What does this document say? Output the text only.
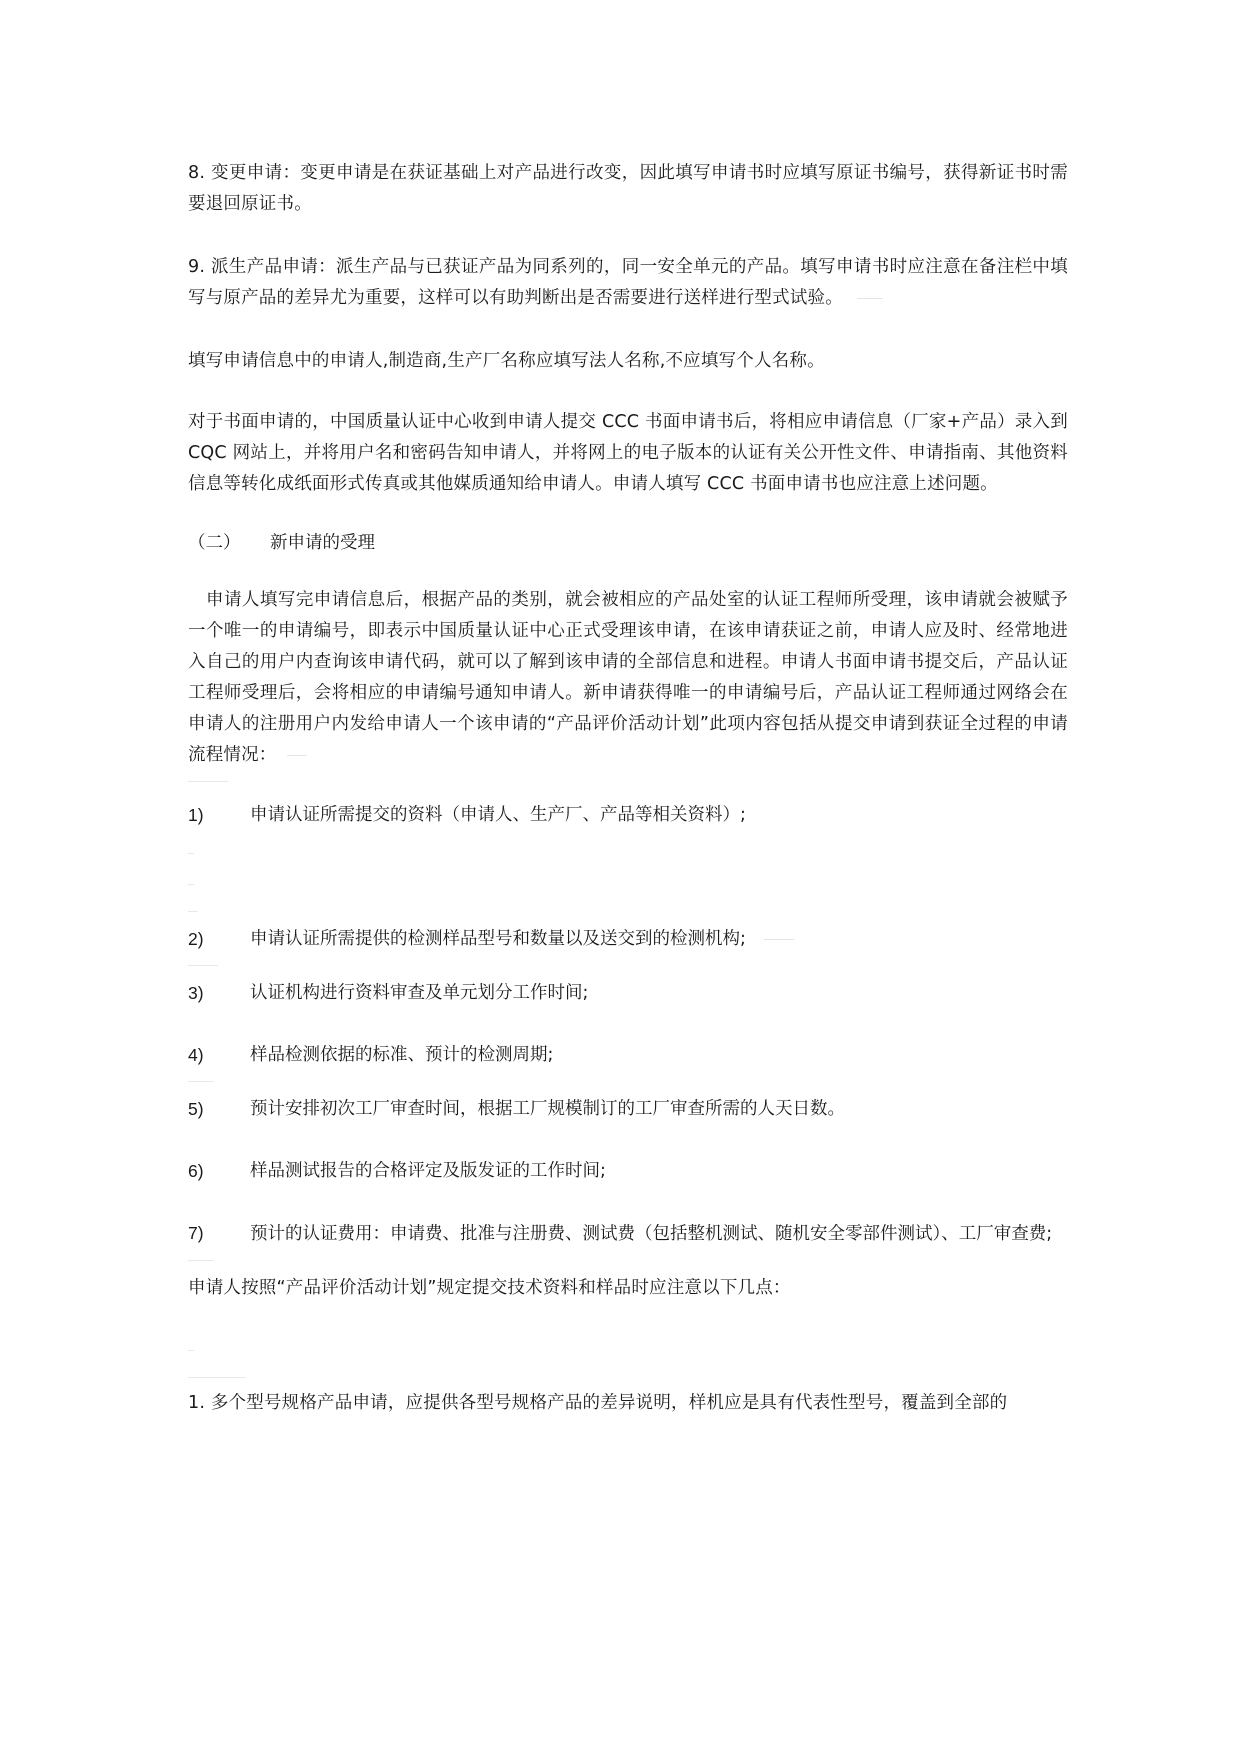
8. 变更申请：变更申请是在获证基础上对产品进行改变，因此填写申请书时应填写原证书编号，获得新证书时需要退回原证书。

9. 派生产品申请：派生产品与已获证产品为同系列的，同一安全单元的产品。填写申请书时应注意在备注栏中填写与原产品的差异尤为重要，这样可以有助判断出是否需要进行送样进行型式试验。

填写申请信息中的申请人,制造商,生产厂名称应填写法人名称,不应填写个人名称。

对于书面申请的，中国质量认证中心收到申请人提交 CCC 书面申请书后，将相应申请信息（厂家+产品）录入到 CQC 网站上，并将用户名和密码告知申请人，并将网上的电子版本的认证有关公开性文件、申请指南、其他资料信息等转化成纸面形式传真或其他媒质通知给申请人。申请人填写 CCC 书面申请书也应注意上述问题。

（二） 新申请的受理

申请人填写完申请信息后，根据产品的类别，就会被相应的产品处室的认证工程师所受理，该申请就会被赋予一个唯一的申请编号，即表示中国质量认证中心正式受理该申请，在该申请获证之前，申请人应及时、经常地进入自己的用户内查询该申请代码，就可以了解到该申请的全部信息和进程。申请人书面申请书提交后，产品认证工程师受理后，会将相应的申请编号通知申请人。新申请获得唯一的申请编号后，产品认证工程师通过网络会在申请人的注册用户内发给申请人一个该申请的“产品评价活动计划”此项内容包括从提交申请到获证全过程的申请流程情况：

1)	申请认证所需提交的资料（申请人、生产厂、产品等相关资料）;
2)	申请认证所需提供的检测样品型号和数量以及送交到的检测机构;
3)	认证机构进行资料审查及单元划分工作时间;
4)	样品检测依据的标准、预计的检测周期;
5)	预计安排初次工厂审查时间，根据工厂规模制订的工厂审查所需的人天日数。
6)	样品测试报告的合格评定及版发证的工作时间;
7)	预计的认证费用：申请费、批准与注册费、测试费（包括整机测试、随机安全零部件测试）、工厂审查费;

申请人按照“产品评价活动计划”规定提交技术资料和样品时应注意以下几点：

1. 多个型号规格产品申请，应提供各型号规格产品的差异说明，样机应是具有代表性型号，覆盖到全部的
